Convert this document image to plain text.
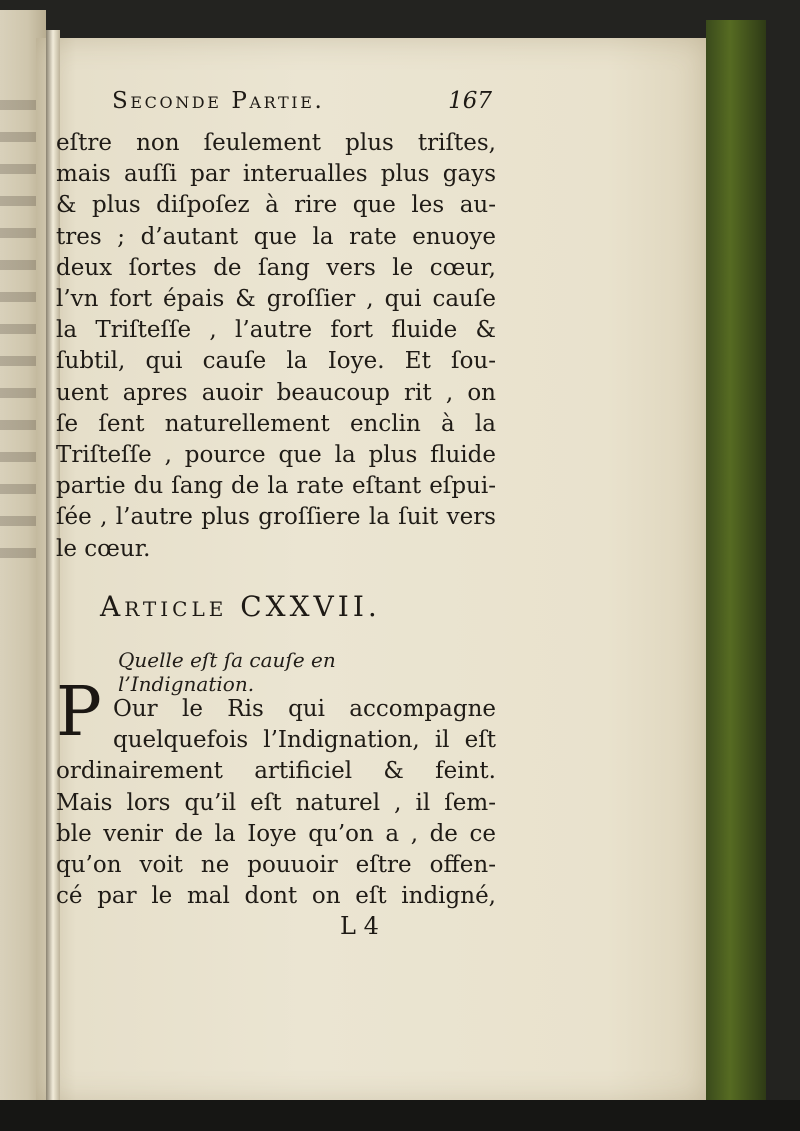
Seconde Partie.	167
eſtre non ſeulement plus triſtes,
mais auſſi par interualles plus gays
& plus diſpoſez à rire que les au-
tres ; d’autant que la rate enuoye
deux ſortes de ſang vers le cœur,
l’vn fort épais & groſſier , qui cauſe
la Triſteſſe , l’autre fort fluide &
ſubtil, qui cauſe la Ioye. Et ſou-
uent apres auoir beaucoup rit , on
ſe ſent naturellement enclin à la
Triſteſſe , pource que la plus fluide
partie du ſang de la rate eſtant eſpui-
ſée , l’autre plus groſſiere la ſuit vers
le cœur.
Article CXXVII.
Quelle eſt ſa cauſe en l’Indignation.
P Our le Ris qui accompagne
quelquefois l’Indignation, il eſt
ordinairement artificiel & feint.
Mais lors qu’il eſt naturel , il ſem-
ble venir de la Ioye qu’on a , de ce
qu’on voit ne pouuoir eſtre offen-
cé par le mal dont on eſt indigné,
L 4
